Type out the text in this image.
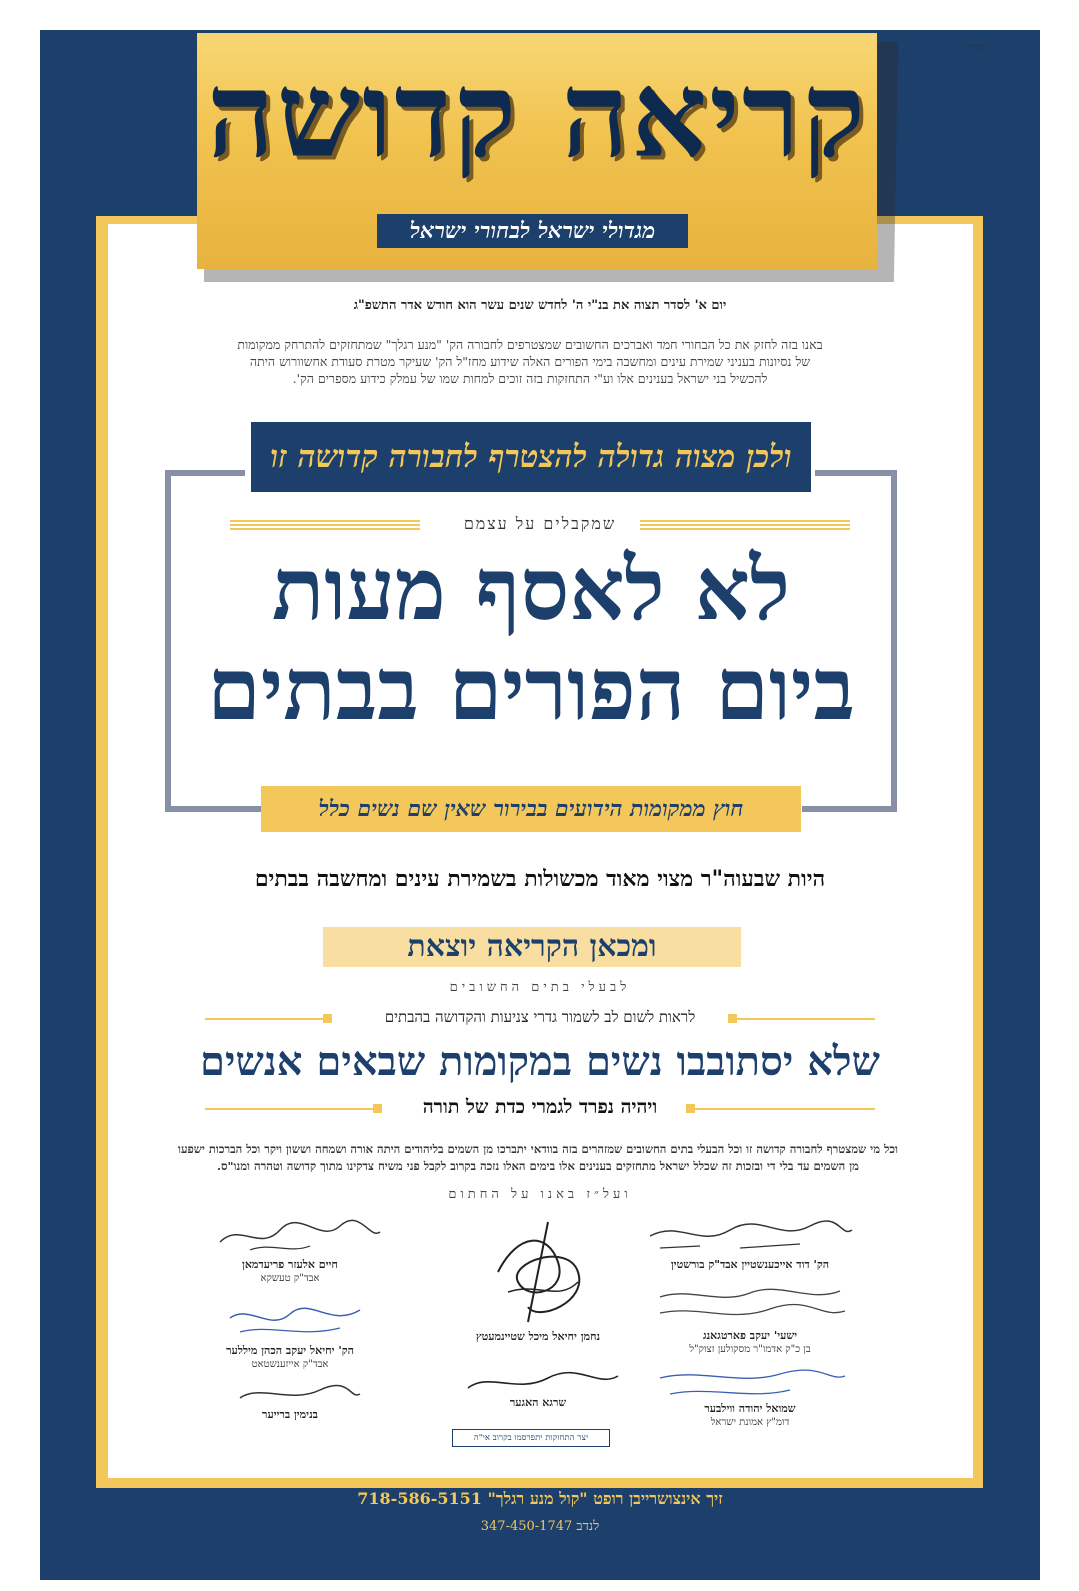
קריאה קדושה
מגדולי ישראל לבחורי ישראל
בס״ד
יום א' לסדר תצוה את בנ"י ה' לחדש שנים עשר הוא חודש אדר התשפ"ג
באנו בזה לחזק את כל הבחורי חמד ואברכים החשובים שמצטרפים לחבורה הק' "מנע רגלך" שמתחזקים להתרחק ממקומות של נסיונות בעניני שמירת עינים ומחשבה בימי הפורים האלה שידוע מחז"ל הק' שעיקר מטרת סעודת אחשוורוש היתה להכשיל בני ישראל בענינים אלו וע"י התחזקות בזה זוכים למחות שמו של עמלק כידוע מספרים הק'.
ולכן מצוה גדולה להצטרף לחבורה קדושה זו
שמקבלים על עצמם
לא לאסף מעות
ביום הפורים בבתים
חוץ ממקומות הידועים בבירור שאין שם נשים כלל
היות שבעוה"ר מצוי מאוד מכשולות בשמירת עינים ומחשבה בבתים
ומכאן הקריאה יוצאת
לבעלי בתים החשובים
לראות לשום לב לשמור גדרי צניעות והקדושה בהבתים
שלא יסתובבו נשים במקומות שבאים אנשים
ויהיה נפרד לגמרי כדת של תורה
וכל מי שמצטרף לחבורה קדושה זו וכל הבעלי בתים החשובים שמזהרים בזה בוודאי יתברכו מן השמים בליהודים היתה אורה ושמחה וששון ויקר וכל הברכות ישפעו מן השמים עד בלי די ובזכות זה שכלל ישראל מתחזקים בענינים אלו בימים האלו נזכה בקרוב לקבל פני משיח צדקינו מתוך קדושה וטהרה ומנו"ס.
ועל״ז באנו על החתום
חיים אלעזר פריעדמאן
אבד"ק טעשקא
נחמן יחיאל מיכל שטיינמעטץ
הק' דוד אייכענשטיין אבד"ק בורשטין
הק' יחיאל יעקב הכהן מיללער
אבד"ק אייזענשטאט
ישעי' יעקב פארטגאנג
בן כ"ק אדמו"ר מסקולען זצוק"ל
שרגא האגער
בנימין ברייער	שמואל יהודה ווילבער
דומ"ץ אמונת ישראל
יצר התחזקות יתפרסמו בקרוב אי"ה
זיך אינצושרייבן רופט "קול מנע רגלך" 718-586-5151
לנדב 347-450-1747
